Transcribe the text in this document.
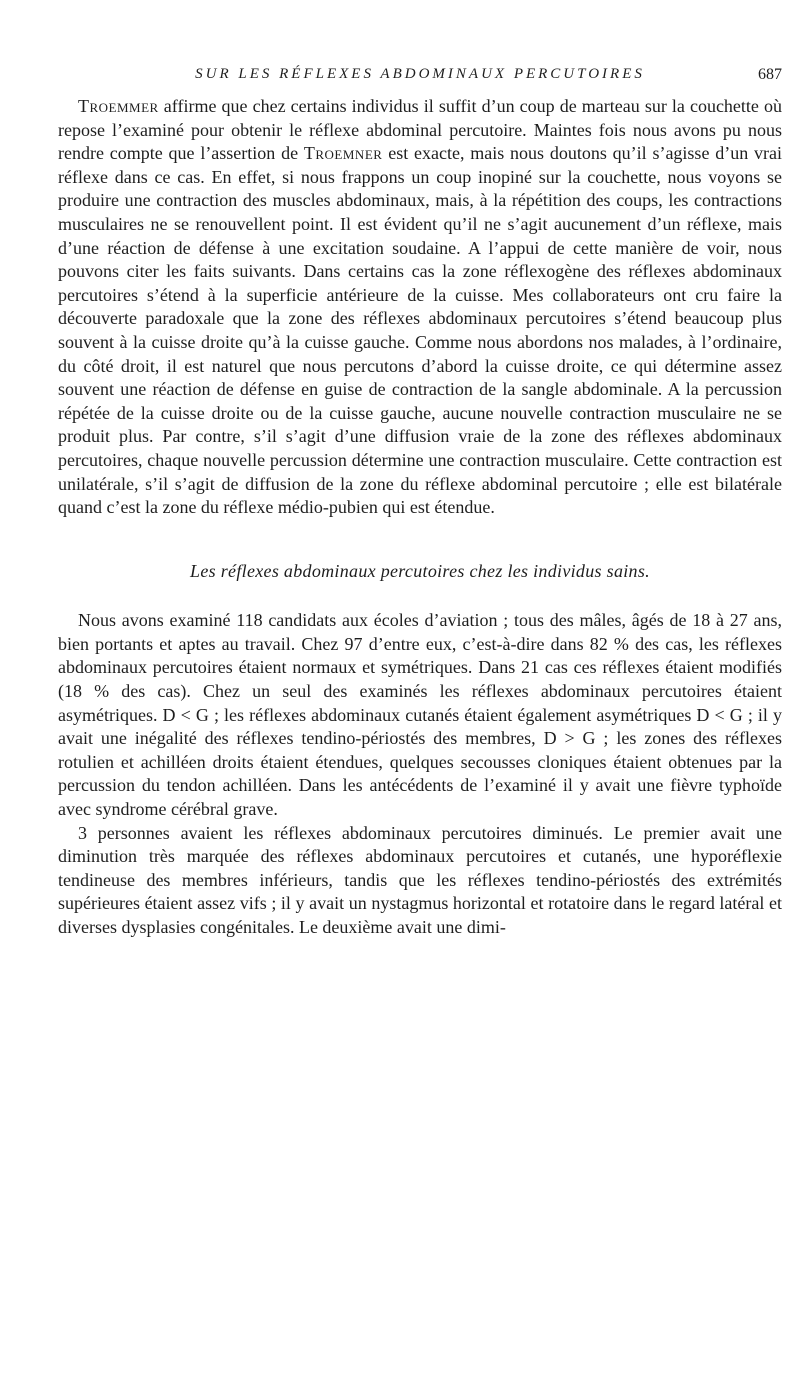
SUR LES RÉFLEXES ABDOMINAUX PERCUTOIRES	687

Troemmer affirme que chez certains individus il suffit d’un coup de marteau sur la couchette où repose l’examiné pour obtenir le réflexe abdominal percutoire. Maintes fois nous avons pu nous rendre compte que l’assertion de Troemner est exacte, mais nous doutons qu’il s’agisse d’un vrai réflexe dans ce cas. En effet, si nous frappons un coup inopiné sur la couchette, nous voyons se produire une contraction des muscles abdominaux, mais, à la répétition des coups, les contractions musculaires ne se renouvellent point. Il est évident qu’il ne s’agit aucunement d’un réflexe, mais d’une réaction de défense à une excitation soudaine. A l’appui de cette manière de voir, nous pouvons citer les faits suivants. Dans certains cas la zone réflexogène des réflexes abdominaux percutoires s’étend à la superficie antérieure de la cuisse. Mes collaborateurs ont cru faire la découverte paradoxale que la zone des réflexes abdominaux percutoires s’étend beaucoup plus souvent à la cuisse droite qu’à la cuisse gauche. Comme nous abordons nos malades, à l’ordinaire, du côté droit, il est naturel que nous percutons d’abord la cuisse droite, ce qui détermine assez souvent une réaction de défense en guise de contraction de la sangle abdominale. A la percussion répétée de la cuisse droite ou de la cuisse gauche, aucune nouvelle contraction musculaire ne se produit plus. Par contre, s’il s’agit d’une diffusion vraie de la zone des réflexes abdominaux percutoires, chaque nouvelle percussion détermine une contraction musculaire. Cette contraction est unilatérale, s’il s’agit de diffusion de la zone du réflexe abdominal percutoire ; elle est bilatérale quand c’est la zone du réflexe médio-pubien qui est étendue.

Les réflexes abdominaux percutoires chez les individus sains.

Nous avons examiné 118 candidats aux écoles d’aviation ; tous des mâles, âgés de 18 à 27 ans, bien portants et aptes au travail. Chez 97 d’entre eux, c’est-à-dire dans 82 % des cas, les réflexes abdominaux percutoires étaient normaux et symétriques. Dans 21 cas ces réflexes étaient modifiés (18 % des cas). Chez un seul des examinés les réflexes abdominaux percutoires étaient asymétriques. D < G ; les réflexes abdominaux cutanés étaient également asymétriques D < G ; il y avait une inégalité des réflexes tendino-périostés des membres, D > G ; les zones des réflexes rotulien et achilléen droits étaient étendues, quelques secousses cloniques étaient obtenues par la percussion du tendon achilléen. Dans les antécédents de l’examiné il y avait une fièvre typhoïde avec syndrome cérébral grave.

3 personnes avaient les réflexes abdominaux percutoires diminués. Le premier avait une diminution très marquée des réflexes abdominaux percutoires et cutanés, une hyporéflexie tendineuse des membres inférieurs, tandis que les réflexes tendino-périostés des extrémités supérieures étaient assez vifs ; il y avait un nystagmus horizontal et rotatoire dans le regard latéral et diverses dysplasies congénitales. Le deuxième avait une dimi-
